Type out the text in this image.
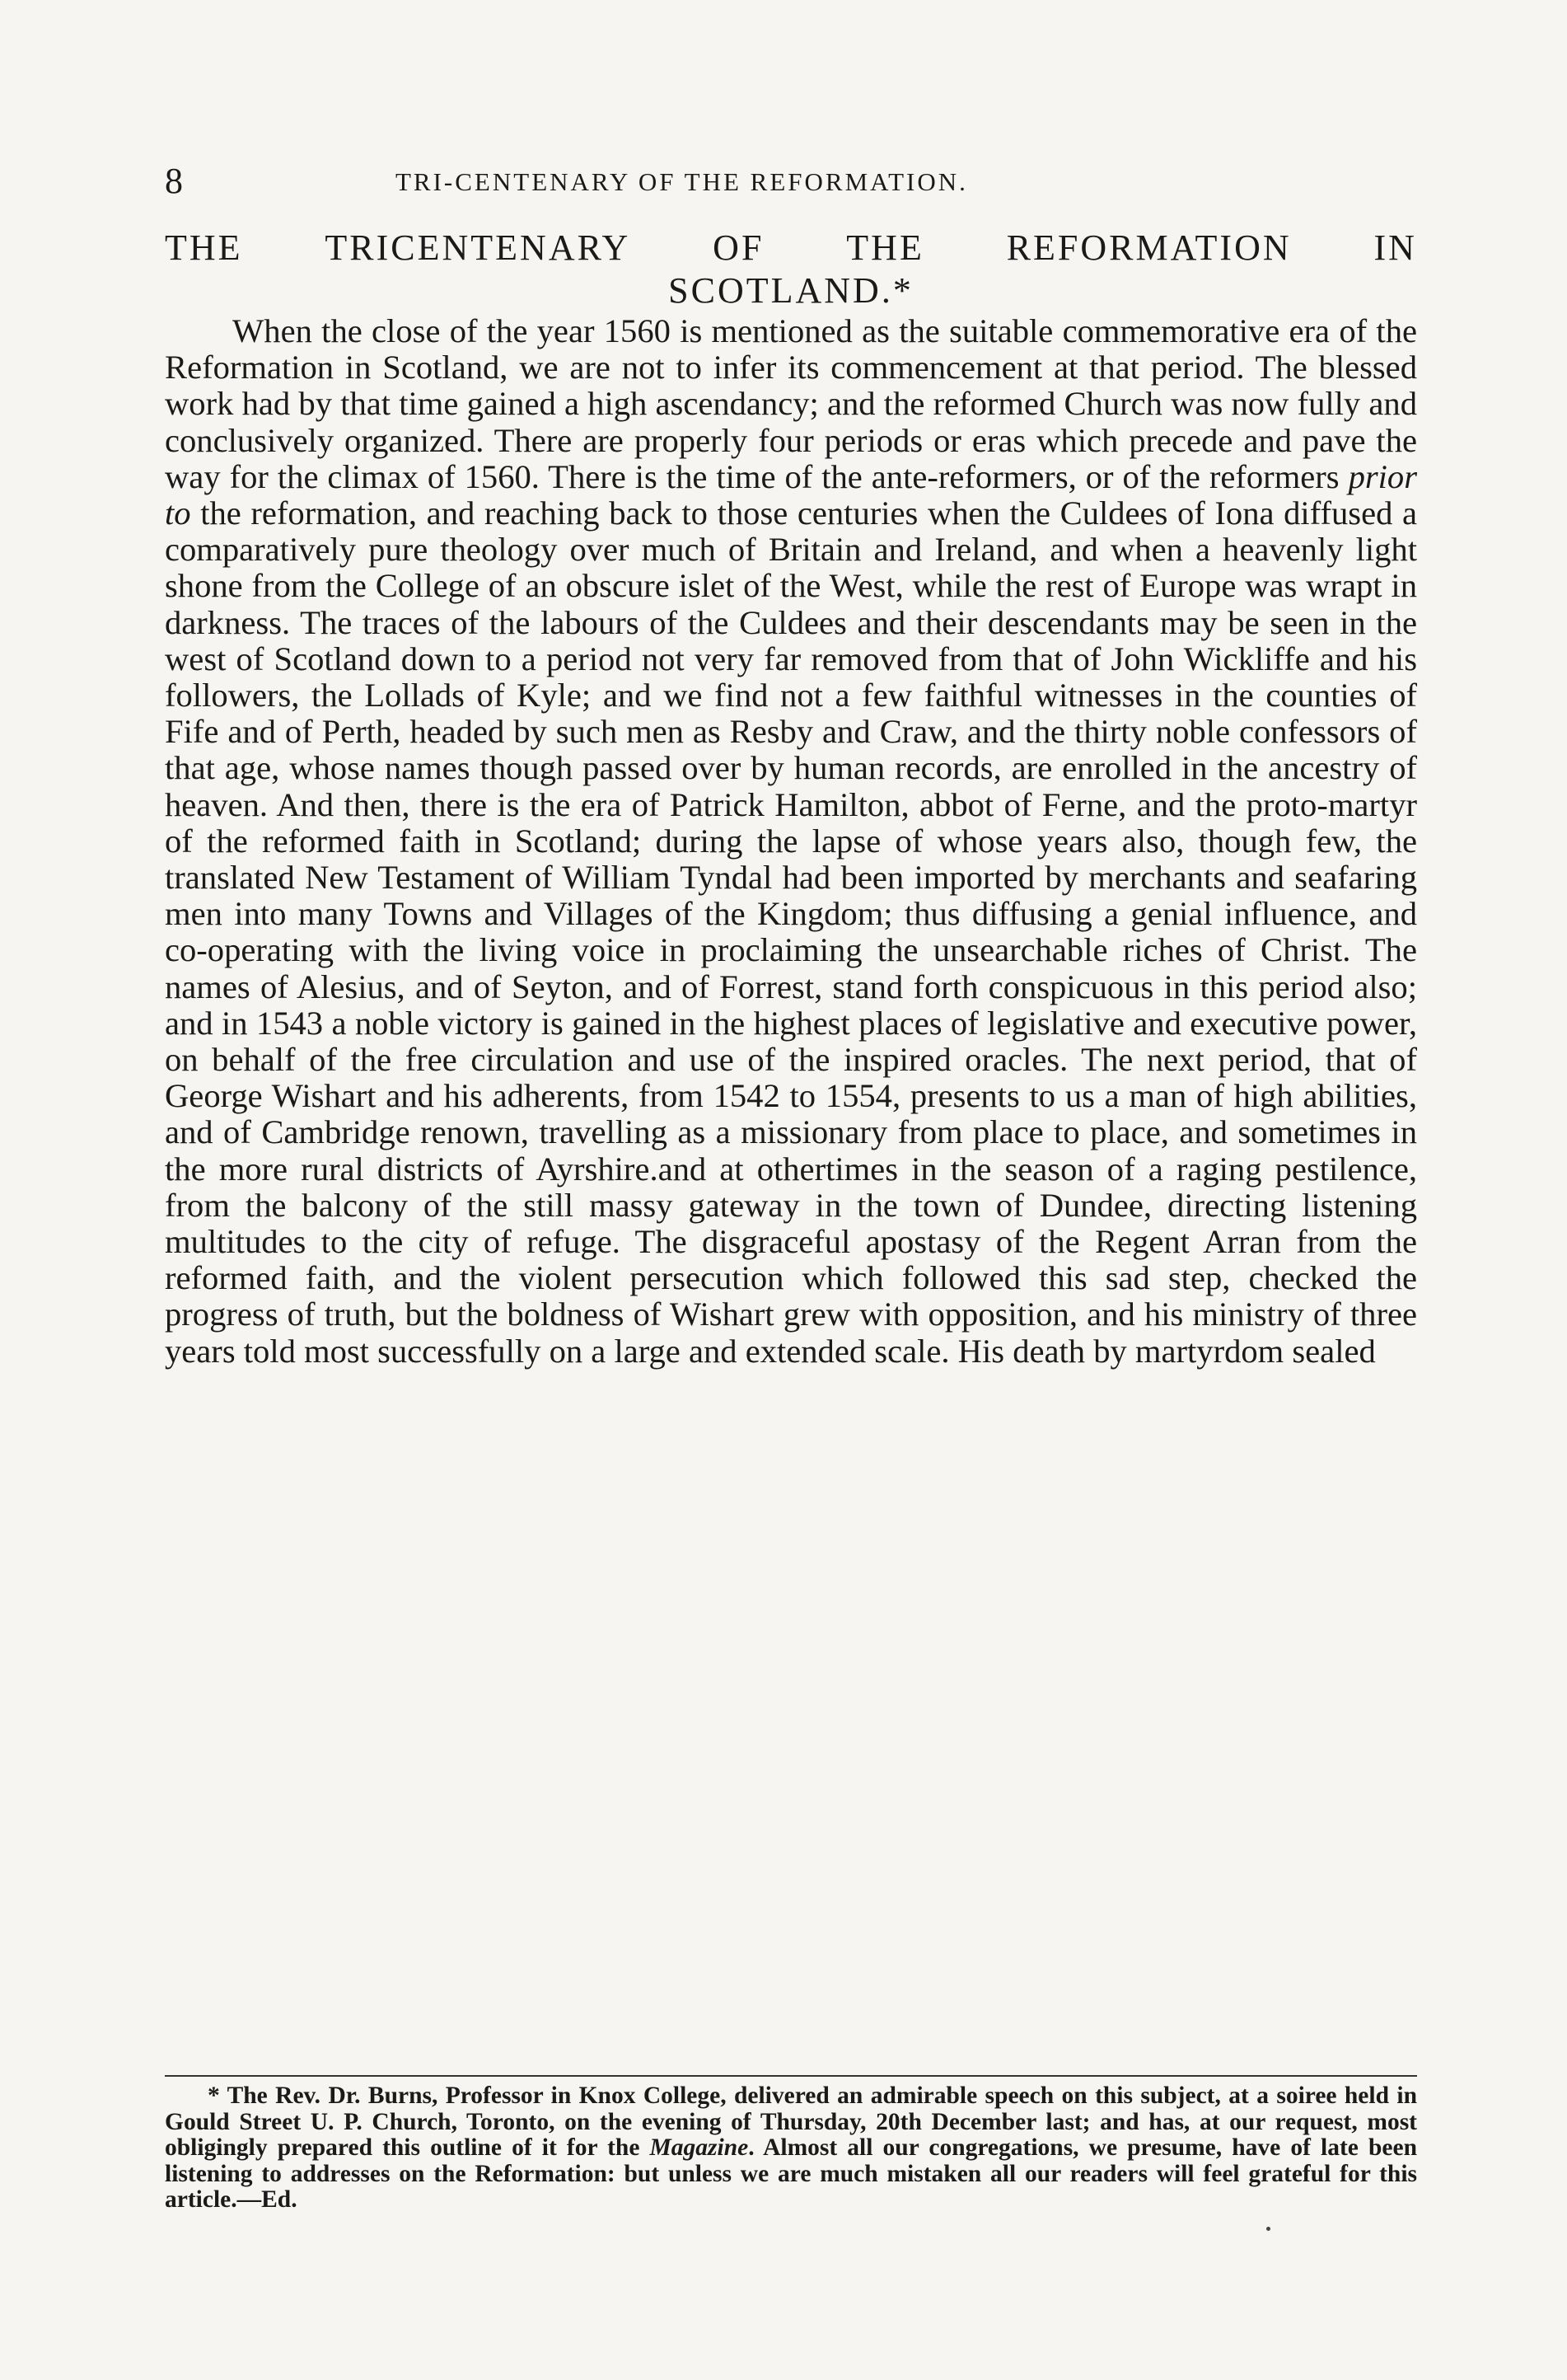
8	TRI-CENTENARY OF THE REFORMATION.
THE TRICENTENARY OF THE REFORMATION IN
SCOTLAND.*

When the close of the year 1560 is mentioned as the suitable commemorative era of the Reformation in Scotland, we are not to infer its commencement at that period. The blessed work had by that time gained a high ascendancy; and the reformed Church was now fully and conclusively organized. There are properly four periods or eras which precede and pave the way for the climax of 1560. There is the time of the ante-reformers, or of the reformers prior to the reformation, and reaching back to those centuries when the Culdees of Iona diffused a comparatively pure theology over much of Britain and Ireland, and when a heavenly light shone from the College of an obscure islet of the West, while the rest of Europe was wrapt in darkness. The traces of the labours of the Culdees and their descendants may be seen in the west of Scotland down to a period not very far removed from that of John Wickliffe and his followers, the Lollads of Kyle; and we find not a few faithful witnesses in the counties of Fife and of Perth, headed by such men as Resby and Craw, and the thirty noble confessors of that age, whose names though passed over by human records, are enrolled in the ancestry of heaven. And then, there is the era of Patrick Hamilton, abbot of Ferne, and the proto-martyr of the reformed faith in Scotland; during the lapse of whose years also, though few, the translated New Testament of William Tyndal had been imported by merchants and seafaring men into many Towns and Villages of the Kingdom; thus diffusing a genial influence, and co-operating with the living voice in proclaiming the unsearchable riches of Christ. The names of Alesius, and of Seyton, and of Forrest, stand forth conspicuous in this period also; and in 1543 a noble victory is gained in the highest places of legislative and executive power, on behalf of the free circulation and use of the inspired oracles. The next period, that of George Wishart and his adherents, from 1542 to 1554, presents to us a man of high abilities, and of Cambridge renown, travelling as a missionary from place to place, and sometimes in the more rural districts of Ayrshire.and at othertimes in the season of a raging pestilence, from the balcony of the still massy gateway in the town of Dundee, directing listening multitudes to the city of refuge. The disgraceful apostasy of the Regent Arran from the reformed faith, and the violent persecution which followed this sad step, checked the progress of truth, but the boldness of Wishart grew with opposition, and his ministry of three years told most successfully on a large and extended scale. His death by martyrdom sealed

* The Rev. Dr. Burns, Professor in Knox College, delivered an admirable speech on this subject, at a soiree held in Gould Street U. P. Church, Toronto, on the evening of Thursday, 20th December last; and has, at our request, most obligingly prepared this outline of it for the Magazine. Almost all our congregations, we presume, have of late been listening to addresses on the Reformation: but unless we are much mistaken all our readers will feel grateful for this article.—Ed.
